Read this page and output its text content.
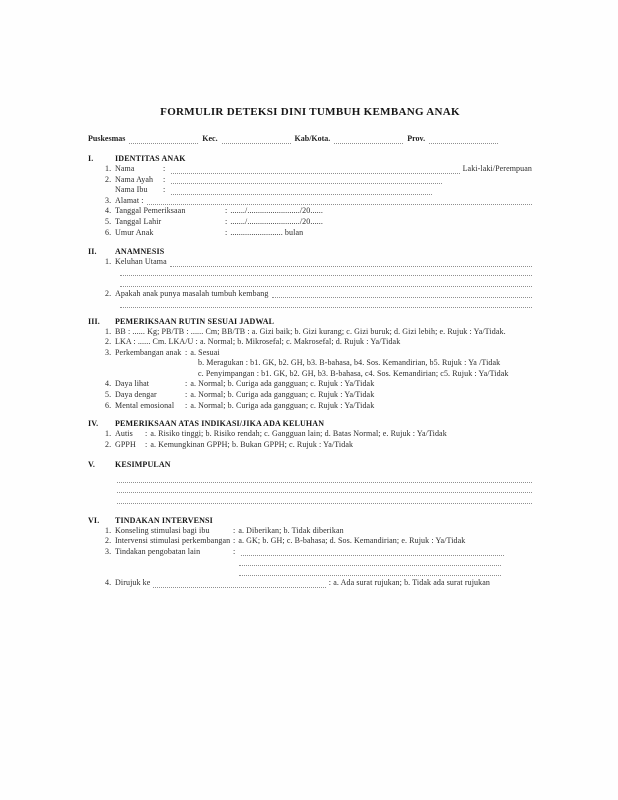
FORMULIR DETEKSI DINI TUMBUH KEMBANG ANAK
Puskesmas	Kec.	Kab/Kota.	Prov.
I.	IDENTITAS ANAK
1. Nama	:	Laki-laki/Perempuan
2. Nama Ayah	:
Nama Ibu	:
3. Alamat :
4. Tanggal Pemeriksaan	: ......./........................./20......
5. Tanggal Lahir	: ......./........................./20......
6. Umur Anak	: ......................... bulan
II.	ANAMNESIS
1. Keluhan Utama
2. Apakah anak punya masalah tumbuh kembang
III.	PEMERIKSAAN RUTIN SESUAI JADWAL
1. BB : ...... Kg; PB/TB : ...... Cm; BB/TB : a. Gizi baik; b. Gizi kurang; c. Gizi buruk; d. Gizi lebih; e. Rujuk : Ya/Tidak.
2. LKA : ...... Cm. LKA/U : a. Normal; b. Mikrosefal; c. Makrosefal; d. Rujuk : Ya/Tidak
3. Perkembangan anak : a. Sesuai
b. Meragukan : b1. GK, b2. GH, b3. B-bahasa, b4. Sos. Kemandirian, b5. Rujuk : Ya /Tidak
c. Penyimpangan : b1. GK, b2. GH, b3. B-bahasa, c4. Sos. Kemandirian; c5. Rujuk : Ya/Tidak
4. Daya lihat	: a. Normal; b. Curiga ada gangguan; c. Rujuk : Ya/Tidak
5. Daya dengar	: a. Normal; b. Curiga ada gangguan; c. Rujuk : Ya/Tidak
6. Mental emosional	: a. Normal; b. Curiga ada gangguan; c. Rujuk : Ya/Tidak
IV.	PEMERIKSAAN ATAS INDIKASI/JIKA ADA KELUHAN
1. Autis	: a. Risiko tinggi; b. Risiko rendah; c. Gangguan lain; d. Batas Normal; e. Rujuk : Ya/Tidak
2. GPPH	: a. Kemungkinan GPPH; b. Bukan GPPH; c. Rujuk : Ya/Tidak
V.	KESIMPULAN
VI.	TINDAKAN INTERVENSI
1. Konseling stimulasi bagi ibu	: a. Diberikan; b. Tidak diberikan
2. Intervensi stimulasi perkembangan : a. GK; b. GH; c. B-bahasa; d. Sos. Kemandirian; e. Rujuk : Ya/Tidak
3. Tindakan pengobatan lain	:
4. Dirujuk ke	: a. Ada surat rujukan; b. Tidak ada surat rujukan
